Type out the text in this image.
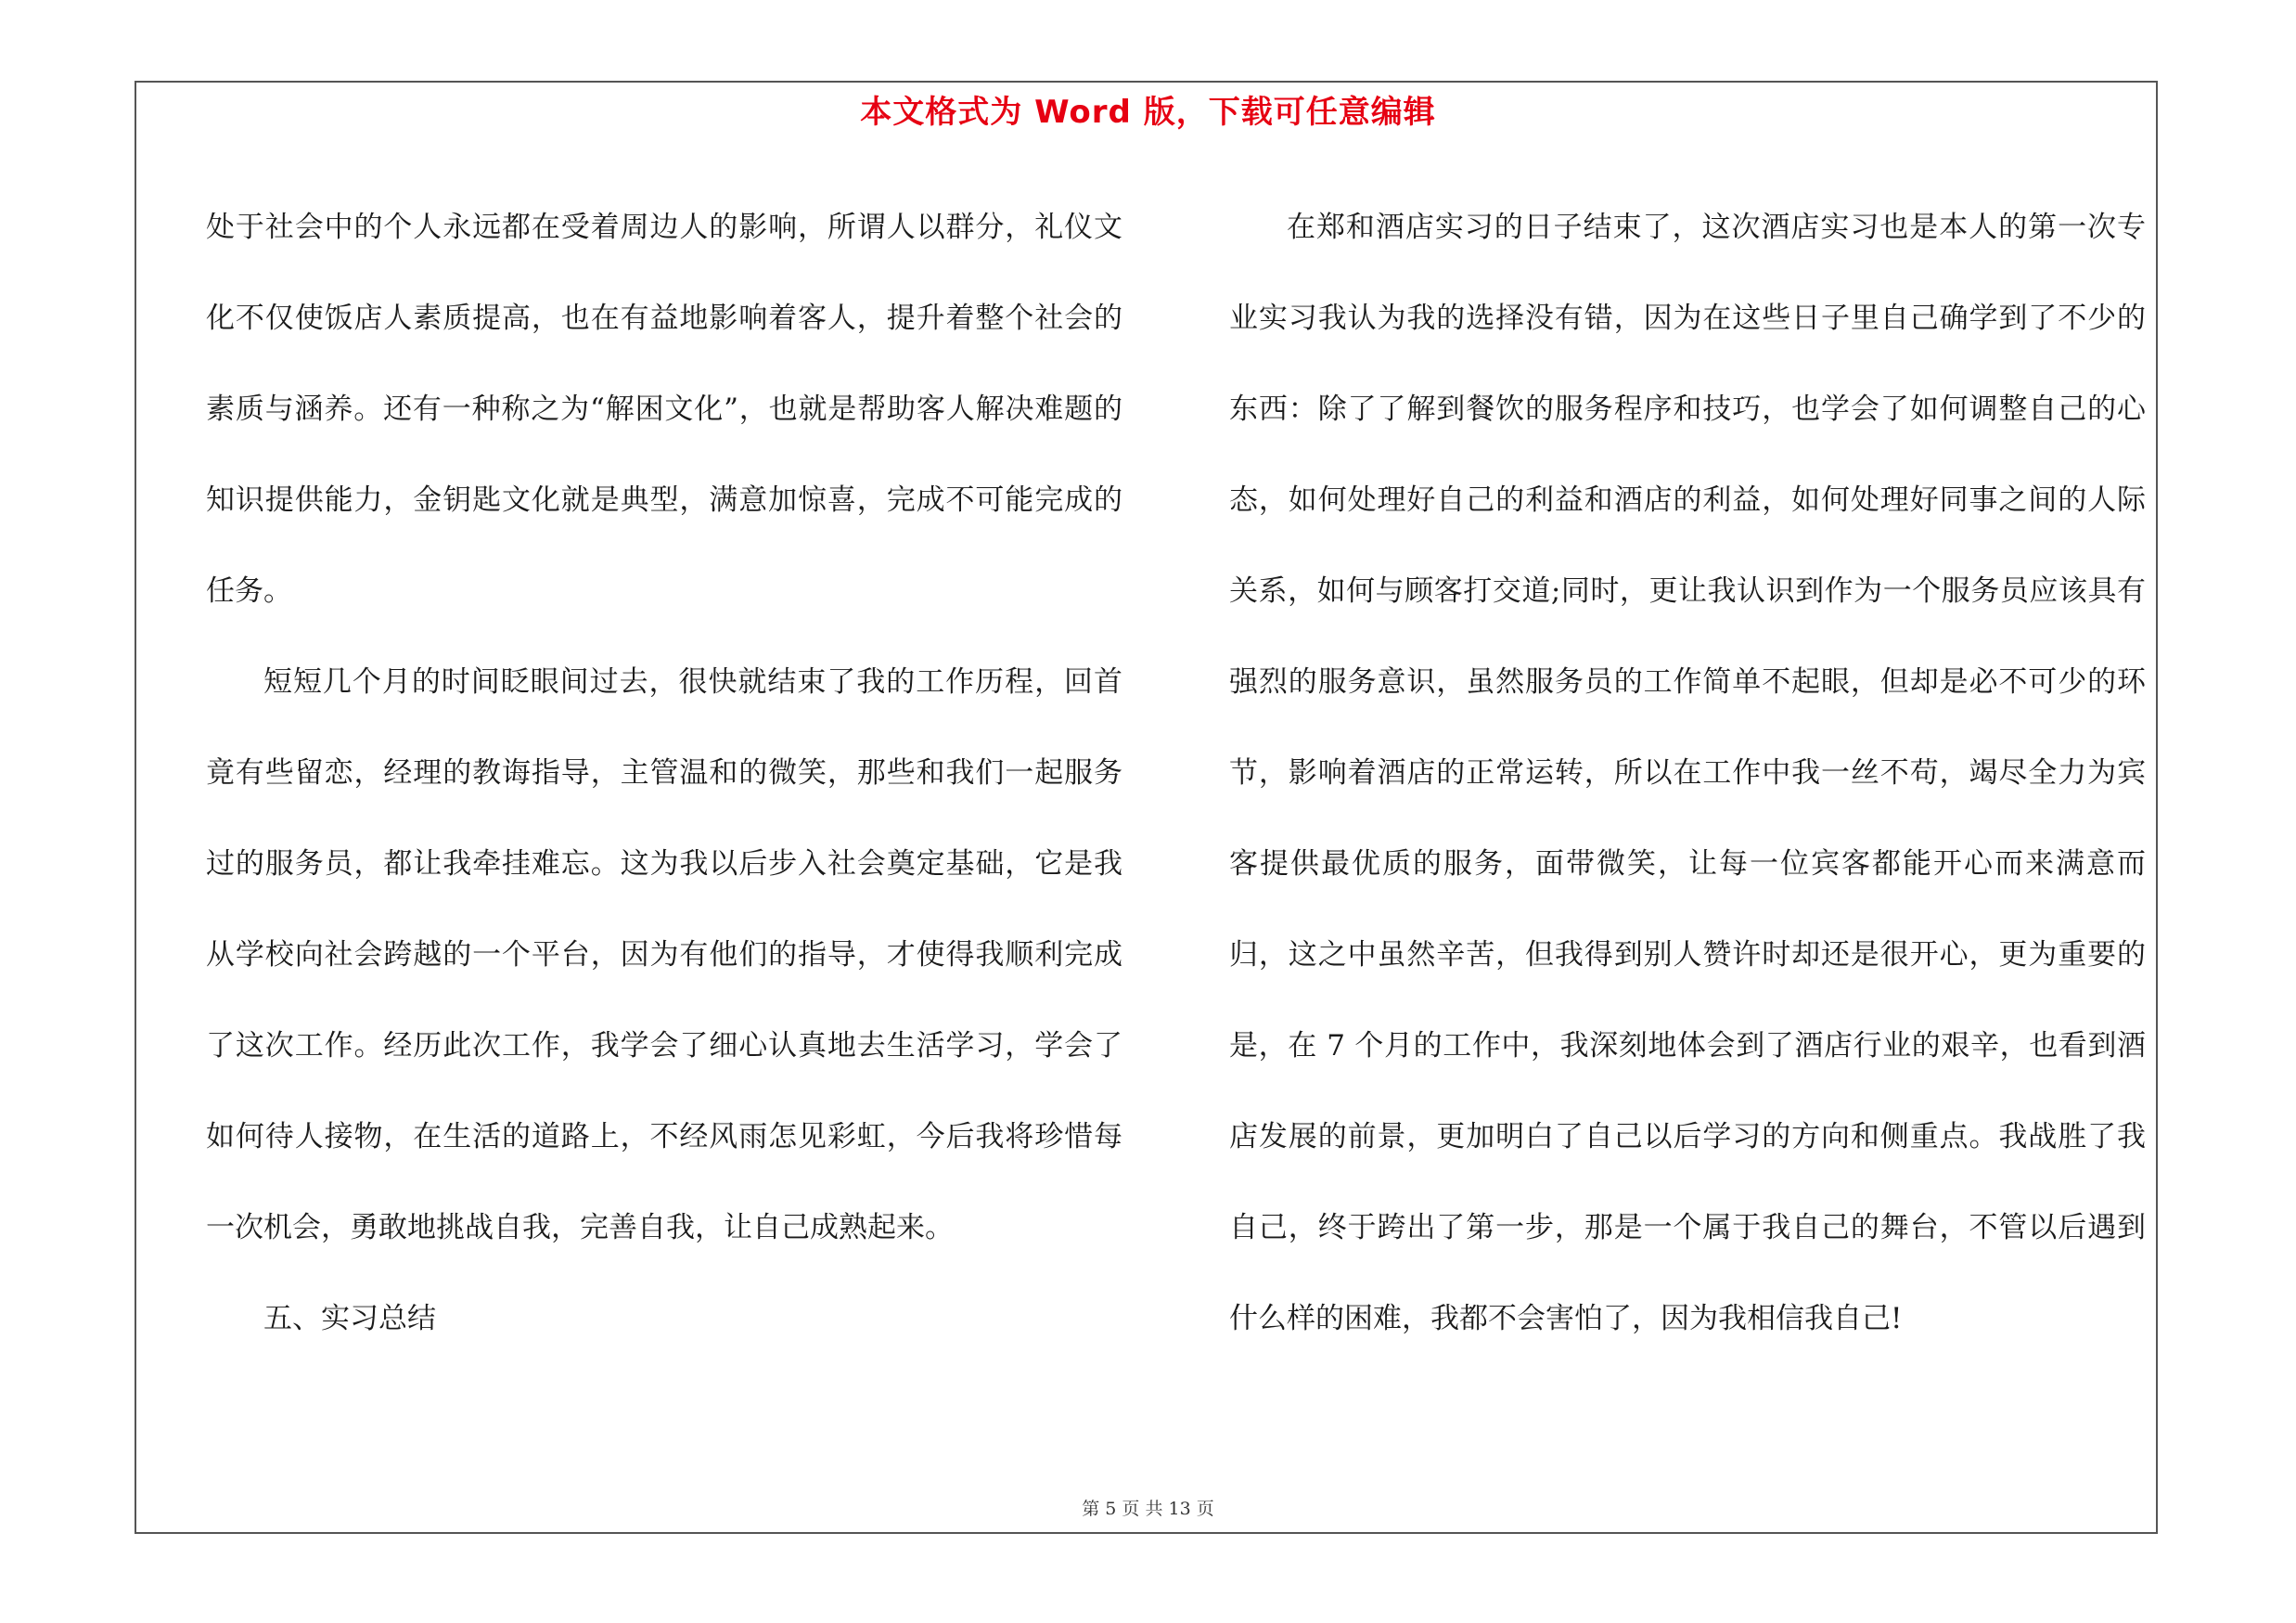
本文格式为 Word 版，下载可任意编辑

处于社会中的个人永远都在受着周边人的影响，所谓人以群分，礼仪文化不仅使饭店人素质提高，也在有益地影响着客人，提升着整个社会的素质与涵养。还有一种称之为“解困文化”，也就是帮助客人解决难题的知识提供能力，金钥匙文化就是典型，满意加惊喜，完成不可能完成的任务。

短短几个月的时间眨眼间过去，很快就结束了我的工作历程，回首竟有些留恋，经理的教诲指导，主管温和的微笑，那些和我们一起服务过的服务员，都让我牵挂难忘。这为我以后步入社会奠定基础，它是我从学校向社会跨越的一个平台，因为有他们的指导，才使得我顺利完成了这次工作。经历此次工作，我学会了细心认真地去生活学习，学会了如何待人接物，在生活的道路上，不经风雨怎见彩虹，今后我将珍惜每一次机会，勇敢地挑战自我，完善自我，让自己成熟起来。

五、实习总结

在郑和酒店实习的日子结束了，这次酒店实习也是本人的第一次专业实习我认为我的选择没有错，因为在这些日子里自己确学到了不少的东西：除了了解到餐饮的服务程序和技巧，也学会了如何调整自己的心态，如何处理好自己的利益和酒店的利益，如何处理好同事之间的人际关系，如何与顾客打交道;同时，更让我认识到作为一个服务员应该具有强烈的服务意识，虽然服务员的工作简单不起眼，但却是必不可少的环节，影响着酒店的正常运转，所以在工作中我一丝不苟，竭尽全力为宾客提供最优质的服务，面带微笑，让每一位宾客都能开心而来满意而归，这之中虽然辛苦，但我得到别人赞许时却还是很开心，更为重要的是，在 7 个月的工作中，我深刻地体会到了酒店行业的艰辛，也看到酒店发展的前景，更加明白了自己以后学习的方向和侧重点。我战胜了我自己，终于跨出了第一步，那是一个属于我自己的舞台，不管以后遇到什么样的困难，我都不会害怕了，因为我相信我自己!

第 5 页 共 13 页
